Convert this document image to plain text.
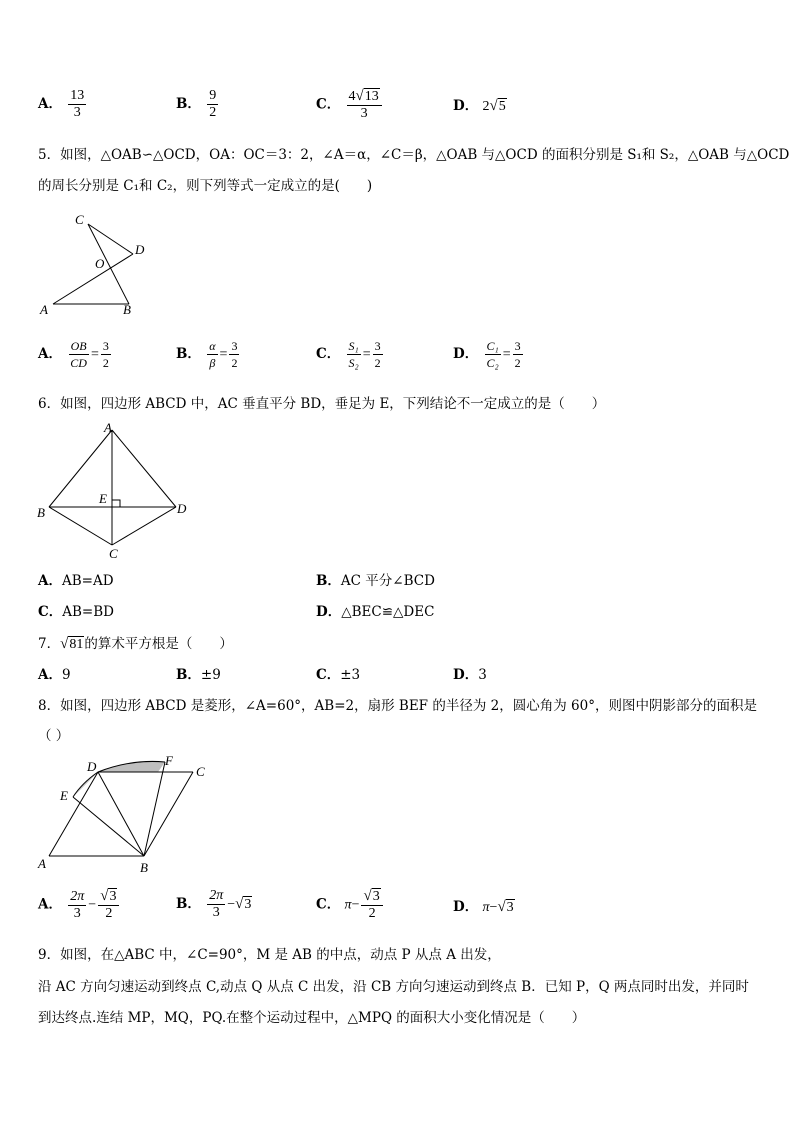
A． $\frac{13}{3}$	B． $\frac{9}{2}$	C． $\frac{4√13}{3}$	D． 2√5
5．如图，△OAB∽△OCD，OA：OC＝3：2，∠A＝α，∠C＝β，△OAB 与△OCD 的面积分别是 S₁和 S₂，△OAB 与△OCD
的周长分别是 C₁和 C₂，则下列等式一定成立的是(　　)
C
D
O
A	B
A． $\frac{OB}{CD} = \frac{3}{2}$	B． $\frac{\alpha}{\beta} = \frac{3}{2}$	C． $\frac{\text{S₁}}{\text{S₂}} = \frac{3}{2}$	D． $\frac{\text{C₁}}{\text{C₂}} = \frac{3}{2}$
6．如图，四边形 ABCD 中，AC 垂直平分 BD，垂足为 E，下列结论不一定成立的是（　　）
A
B
E
C
D
A．AB=AD	B．AC 平分∠BCD
C．AB=BD	D．△BEC≌△DEC
7．√81的算术平方根是（　　）
A．9	B．±9	C．±3	D．3
8．如图，四边形 ABCD 是菱形，∠A=60°，AB=2，扇形 BEF 的半径为 2，圆心角为 60°，则图中阴影部分的面积是
（ ）
D	F
C
E
A	B
A． $\frac{2\pi}{3} - \frac{√3}{2}$	B． $\frac{2\pi}{3} -√3$	C． $\pi- \frac{√3}{2}$	D． π−√3
9．如图，在△ABC 中，∠C=90°，M 是 AB 的中点，动点 P 从点 A 出发，
沿 AC 方向匀速运动到终点 C,动点 Q 从点 C 出发，沿 CB 方向匀速运动到终点 B．已知 P，Q 两点同时出发，并同时
到达终点.连结 MP，MQ，PQ.在整个运动过程中，△MPQ 的面积大小变化情况是（　　）
